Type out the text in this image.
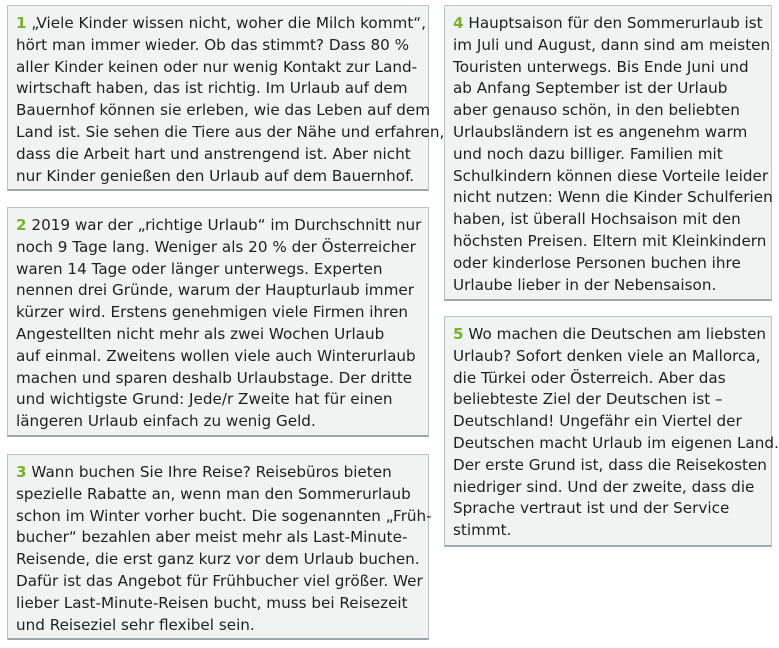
1 „Viele Kinder wissen nicht, woher die Milch kommt“,
hört man immer wieder. Ob das stimmt? Dass 80 %
aller Kinder keinen oder nur wenig Kontakt zur Land-
wirtschaft haben, das ist richtig. Im Urlaub auf dem
Bauernhof können sie erleben, wie das Leben auf dem
Land ist. Sie sehen die Tiere aus der Nähe und erfahren,
dass die Arbeit hart und anstrengend ist. Aber nicht
nur Kinder genießen den Urlaub auf dem Bauernhof.
2 2019 war der „richtige Urlaub“ im Durchschnitt nur
noch 9 Tage lang. Weniger als 20 % der Österreicher
waren 14 Tage oder länger unterwegs. Experten
nennen drei Gründe, warum der Haupturlaub immer
kürzer wird. Erstens genehmigen viele Firmen ihren
Angestellten nicht mehr als zwei Wochen Urlaub
auf einmal. Zweitens wollen viele auch Winterurlaub
machen und sparen deshalb Urlaubstage. Der dritte
und wichtigste Grund: Jede/r Zweite hat für einen
längeren Urlaub einfach zu wenig Geld.
3 Wann buchen Sie Ihre Reise? Reisebüros bieten
spezielle Rabatte an, wenn man den Sommerurlaub
schon im Winter vorher bucht. Die sogenannten „Früh-
bucher“ bezahlen aber meist mehr als Last-Minute-
Reisende, die erst ganz kurz vor dem Urlaub buchen.
Dafür ist das Angebot für Frühbucher viel größer. Wer
lieber Last-Minute-Reisen bucht, muss bei Reisezeit
und Reiseziel sehr flexibel sein.
4 Hauptsaison für den Sommerurlaub ist
im Juli und August, dann sind am meisten
Touristen unterwegs. Bis Ende Juni und
ab Anfang September ist der Urlaub
aber genauso schön, in den beliebten
Urlaubsländern ist es angenehm warm
und noch dazu billiger. Familien mit
Schulkindern können diese Vorteile leider
nicht nutzen: Wenn die Kinder Schulferien
haben, ist überall Hochsaison mit den
höchsten Preisen. Eltern mit Kleinkindern
oder kinderlose Personen buchen ihre
Urlaube lieber in der Nebensaison.
5 Wo machen die Deutschen am liebsten
Urlaub? Sofort denken viele an Mallorca,
die Türkei oder Österreich. Aber das
beliebteste Ziel der Deutschen ist –
Deutschland! Ungefähr ein Viertel der
Deutschen macht Urlaub im eigenen Land.
Der erste Grund ist, dass die Reisekosten
niedriger sind. Und der zweite, dass die
Sprache vertraut ist und der Service
stimmt.
